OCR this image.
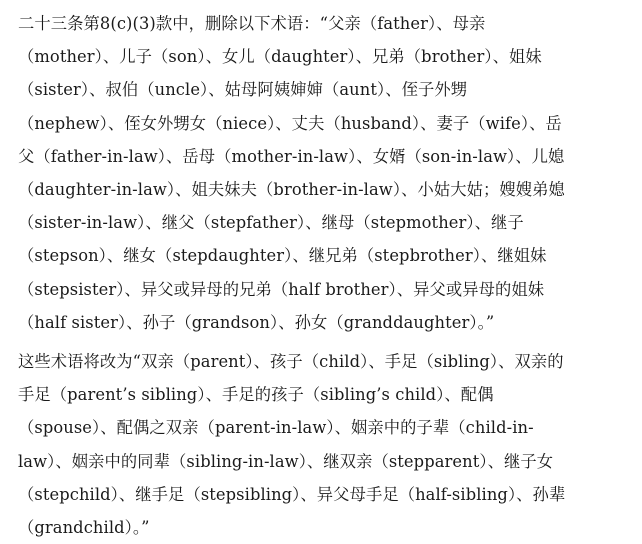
二十三条第8(c)(3)款中，删除以下术语：“父亲（father）、母亲
（mother）、儿子（son）、女儿（daughter）、兄弟（brother）、姐妹
（sister）、叔伯（uncle）、姑母阿姨婶婶（aunt）、侄子外甥
（nephew）、侄女外甥女（niece）、丈夫（husband）、妻子（wife）、岳
父（father-in-law）、岳母（mother-in-law）、女婿（son-in-law）、儿媳
（daughter-in-law）、姐夫妹夫（brother-in-law）、小姑大姑；嫂嫂弟媳
（sister-in-law）、继父（stepfather）、继母（stepmother）、继子
（stepson）、继女（stepdaughter）、继兄弟（stepbrother）、继姐妹
（stepsister）、异父或异母的兄弟（half brother）、异父或异母的姐妹
（half sister）、孙子（grandson）、孙女（granddaughter）。”

这些术语将改为“双亲（parent）、孩子（child）、手足（sibling）、双亲的
手足（parent’s sibling）、手足的孩子（sibling’s child）、配偶
（spouse）、配偶之双亲（parent-in-law）、姻亲中的子辈（child-in-
law）、姻亲中的同辈（sibling-in-law）、继双亲（stepparent）、继子女
（stepchild）、继手足（stepsibling）、异父母手足（half-sibling）、孙辈
（grandchild）。”
